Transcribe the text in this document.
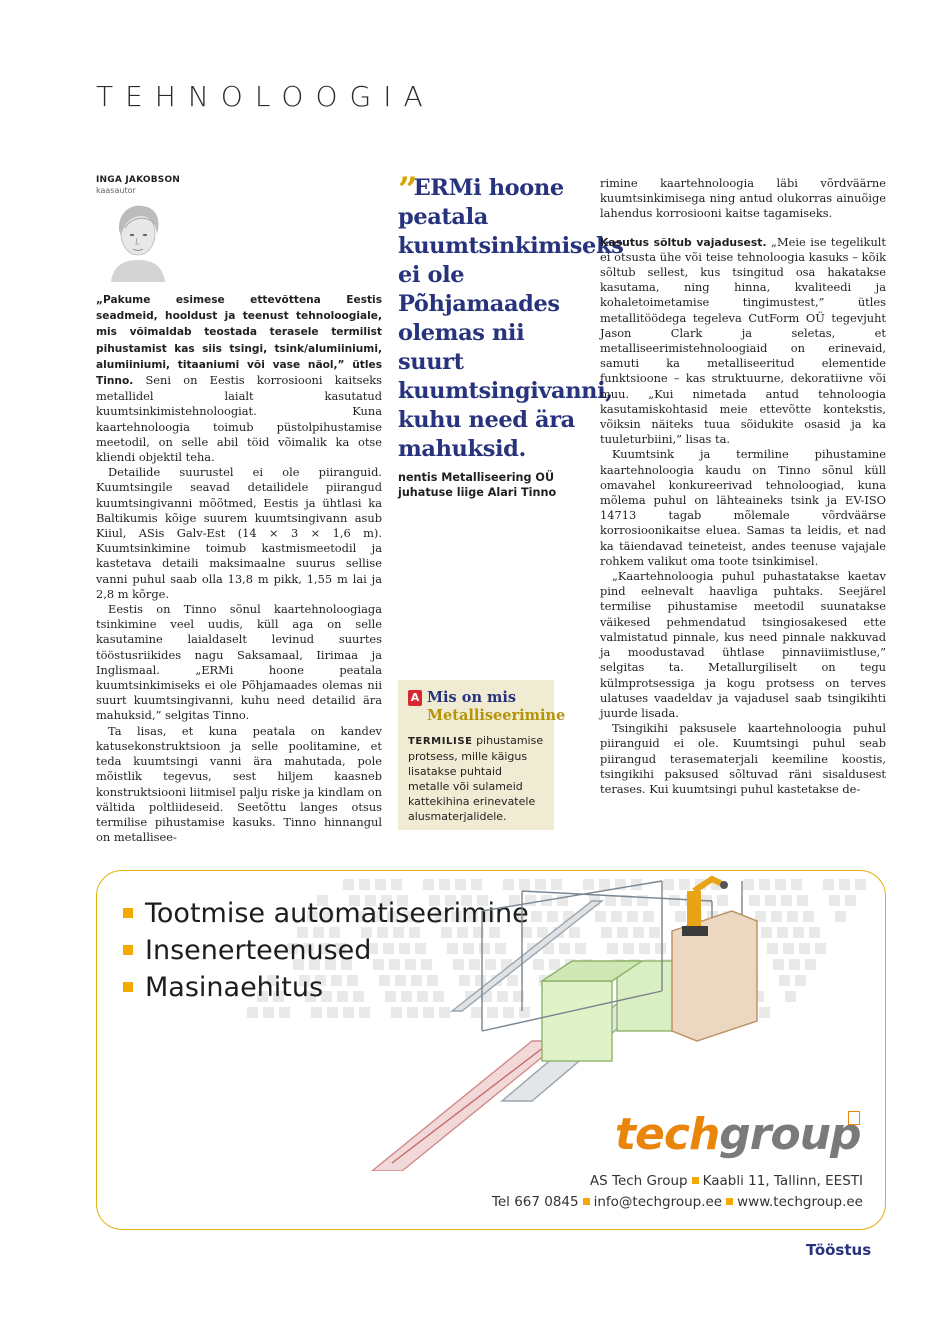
TEHNOLOOGIA
INGA JAKOBSON
kaasautor

„Pakume esimese ettevõttena Eestis seadmeid, hooldust ja teenust tehnoloogiale, mis võimaldab teostada terasele termilist pihustamist kas siis tsingi, tsink/alumiiniumi, alumiiniumi, titaaniumi või vase näol,” ütles Tinno. Seni on Eestis korrosiooni kaitseks metallidel laialt kasutatud kuumtsinkimistehnoloogiat. Kuna kaartehnoloogia toimub püstolpihustamise meetodil, on selle abil töid võimalik ka otse kliendi objektil teha.

Detailide suurustel ei ole piiranguid. Kuumtsingile seavad detailidele piirangud kuumtsingivanni mõõtmed, Eestis ja ühtlasi ka Baltikumis kõige suurem kuumtsingivann asub Kiiul, ASis Galv-Est (14 × 3 × 1,6 m). Kuumtsinkimine toimub kastmismeetodil ja kastetava detaili maksimaalne suurus sellise vanni puhul saab olla 13,8 m pikk, 1,55 m lai ja 2,8 m kõrge.

Eestis on Tinno sõnul kaartehnoloogiaga tsinkimine veel uudis, küll aga on selle kasutamine laialdaselt levinud suurtes tööstusriikides nagu Saksamaal, Iirimaa ja Inglismaal. „ERMi hoone peatala kuumtsinkimiseks ei ole Põhjamaades olemas nii suurt kuumtsingivanni, kuhu need detailid ära mahuksid,” selgitas Tinno.

Ta lisas, et kuna peatala on kandev katusekonstruktsioon ja selle poolitamine, et teda kuumtsingi vanni ära mahutada, pole mõistlik tegevus, sest hiljem kaasneb konstruktsiooni liitmisel palju riske ja kindlam on vältida poltliideseid. Seetõttu langes otsus termilise pihustamise kasuks. Tinno hinnangul on metallisee-

”ERMi hoone peatala kuumtsinkimiseks ei ole Põhjamaades olemas nii suurt kuumtsingivanni, kuhu need ära mahuksid.
nentis Metalliseering OÜ juhatuse liige Alari Tinno
A Mis on mis
Metalliseerimine
TERMILISE pihustamise protsess, mille käigus lisatakse puhtaid metalle või sulameid kattekihina erinevatele alusmaterjalidele.

rimine kaartehnoloogia läbi võrdväärne kuumtsinkimisega ning antud olukorras ainuõige lahendus korrosiooni kaitse tagamiseks.

Kasutus sõltub vajadusest. „Meie ise tegelikult ei otsusta ühe või teise tehnoloogia kasuks – kõik sõltub sellest, kus tsingitud osa hakatakse kasutama, ning hinna, kvaliteedi ja kohaletoimetamise tingimustest,” ütles metallitöödega tegeleva CutForm OÜ tegevjuht Jason Clark ja seletas, et metalliseerimistehnoloogiaid on erinevaid, samuti ka metalliseeritud elementide funktsioone – kas struktuurne, dekoratiivne või muu. „Kui nimetada antud tehnoloogia kasutamiskohtasid meie ettevõtte kontekstis, võiksin näiteks tuua sõidukite osasid ja ka tuuleturbiini,” lisas ta.

Kuumtsink ja termiline pihustamine kaartehnoloogia kaudu on Tinno sõnul küll omavahel konkureerivad tehnoloogiad, kuna mõlema puhul on lähteaineks tsink ja EV-ISO 14713 tagab mõlemale võrdväärse korrosioonikaitse eluea. Samas ta leidis, et nad ka täiendavad teineteist, andes teenuse vajajale rohkem valikut oma toote tsinkimisel.

„Kaartehnoloogia puhul puhastatakse kaetav pind eelnevalt haavliga puhtaks. Seejärel termilise pihustamise meetodil suunatakse väikesed pehmendatud tsingiosakesed ette valmistatud pinnale, kus need pinnale nakkuvad ja moodustavad ühtlase pinnaviimistluse,” selgitas ta. Metallurgiliselt on tegu külmprotsessiga ja kogu protsess on terves ulatuses vaadeldav ja vajadusel saab tsingikihti juurde lisada.

Tsingikihi paksusele kaartehnoloogia puhul piiranguid ei ole. Kuumtsingi puhul seab piirangud terasematerjali keemiline koostis, tsingikihi paksused sõltuvad räni sisaldusest terases. Kui kuumtsingi puhul kastetakse de-

Tootmise automatiseerimine
Insenerteenused
Masinaehitus
techgroup
AS Tech Group Kaabli 11, Tallinn, EESTI
Tel 667 0845 info@techgroup.ee www.techgroup.ee
Tööstus
